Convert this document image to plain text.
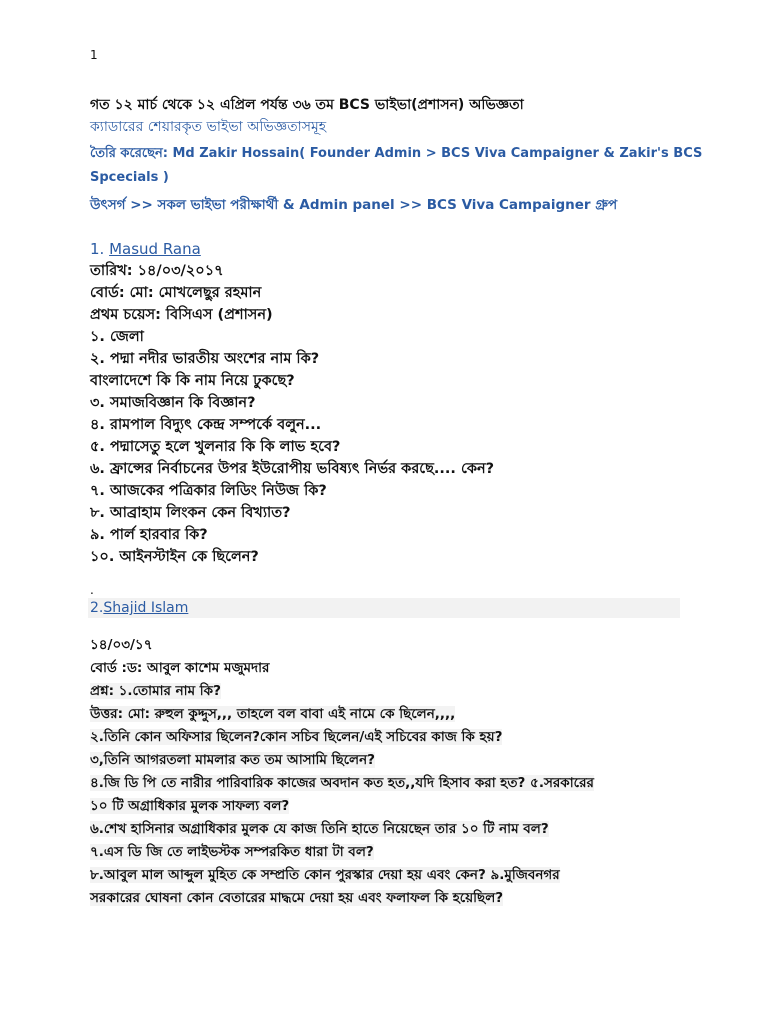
1
গত ১২ মার্চ থেকে ১২ এপ্রিল পর্যন্ত ৩৬ তম BCS ভাইভা(প্রশাসন) অভিজ্ঞতা
ক্যাডারের শেয়ারকৃত ভাইভা অভিজ্ঞতাসমূহ
তৈরি করেছেন: Md Zakir Hossain( Founder Admin > BCS Viva Campaigner & Zakir's BCS
Spcecials )
উৎসর্গ >> সকল ভাইভা পরীক্ষার্থী & Admin panel >> BCS Viva Campaigner গ্রুপ
1. Masud Rana
তারিখ: ১৪/০৩/২০১৭
বোর্ড: মো: মোখলেছুর রহমান
প্রথম চয়েস: বিসিএস (প্রশাসন)
১. জেলা
২. পদ্মা নদীর ভারতীয় অংশের নাম কি?
বাংলাদেশে কি কি নাম নিয়ে ঢুকছে?
৩. সমাজবিজ্ঞান কি বিজ্ঞান?
৪. রামপাল বিদ্যুৎ কেন্দ্র সম্পর্কে বলুন...
৫. পদ্মাসেতু হলে খুলনার কি কি লাভ হবে?
৬. ফ্রান্সের নির্বাচনের উপর ইউরোপীয় ভবিষ্যৎ নির্ভর করছে.... কেন?
৭. আজকের পত্রিকার লিডিং নিউজ কি?
৮. আব্রাহাম লিংকন কেন বিখ্যাত?
৯. পার্ল হারবার কি?
১০. আইনস্টাইন কে ছিলেন?
.
2.Shajid Islam
১৪/০৩/১৭
বোর্ড :ড: আবুল কাশেম মজুমদার
প্রশ্ন: ১.তোমার নাম কি?
উত্তর: মো: রুহুল কুদ্দুস,,, তাহলে বল বাবা এই নামে কে ছিলেন,,,,
২.তিনি কোন অফিসার ছিলেন?কোন সচিব ছিলেন/এই সচিবের কাজ কি হয়?
৩,তিনি আগরতলা মামলার কত তম আসামি ছিলেন?
৪.জি ডি পি তে নারীর পারিবারিক কাজের অবদান কত হত,,যদি হিসাব করা হত? ৫.সরকারের
১০ টি অগ্রাধিকার মুলক সাফল্য বল?
৬.শেখ হাসিনার অগ্রাধিকার মুলক যে কাজ তিনি হাতে নিয়েছেন তার ১০ টি নাম বল?
৭.এস ডি জি তে লাইভস্টক সম্পরকিত ধারা টা বল?
৮.আবুল মাল আব্দুল মুহিত কে সম্প্রতি কোন পুরস্কার দেয়া হয় এবং কেন? ৯.মুজিবনগর
সরকারের ঘোষনা কোন বেতারের মাদ্ধমে দেয়া হয় এবং ফলাফল কি হয়েছিল?
